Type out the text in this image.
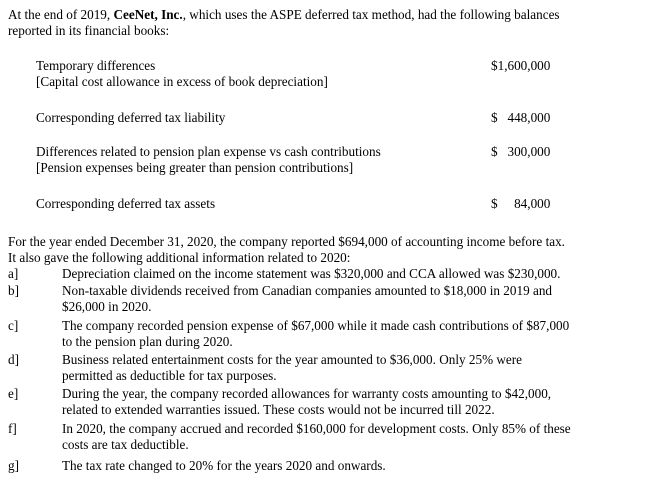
At the end of 2019, CeeNet, Inc., which uses the ASPE deferred tax method, had the following balances
reported in its financial books:
Temporary differences
[Capital cost allowance in excess of book depreciation]
$1,600,000
Corresponding deferred tax liability	$   448,000
Differences related to pension plan expense vs cash contributions
[Pension expenses being greater than pension contributions]
$   300,000
Corresponding deferred tax assets	$     84,000
For the year ended December 31, 2020, the company reported $694,000 of accounting income before tax.
It also gave the following additional information related to 2020:
a]	Depreciation claimed on the income statement was $320,000 and CCA allowed was $230,000.
b]	Non-taxable dividends received from Canadian companies amounted to $18,000 in 2019 and
$26,000 in 2020.
c]	The company recorded pension expense of $67,000 while it made cash contributions of $87,000
to the pension plan during 2020.
d]	Business related entertainment costs for the year amounted to $36,000. Only 25% were
permitted as deductible for tax purposes.
e]	During the year, the company recorded allowances for warranty costs amounting to $42,000,
related to extended warranties issued. These costs would not be incurred till 2022.
f]	In 2020, the company accrued and recorded $160,000 for development costs. Only 85% of these
costs are tax deductible.
g]	The tax rate changed to 20% for the years 2020 and onwards.
